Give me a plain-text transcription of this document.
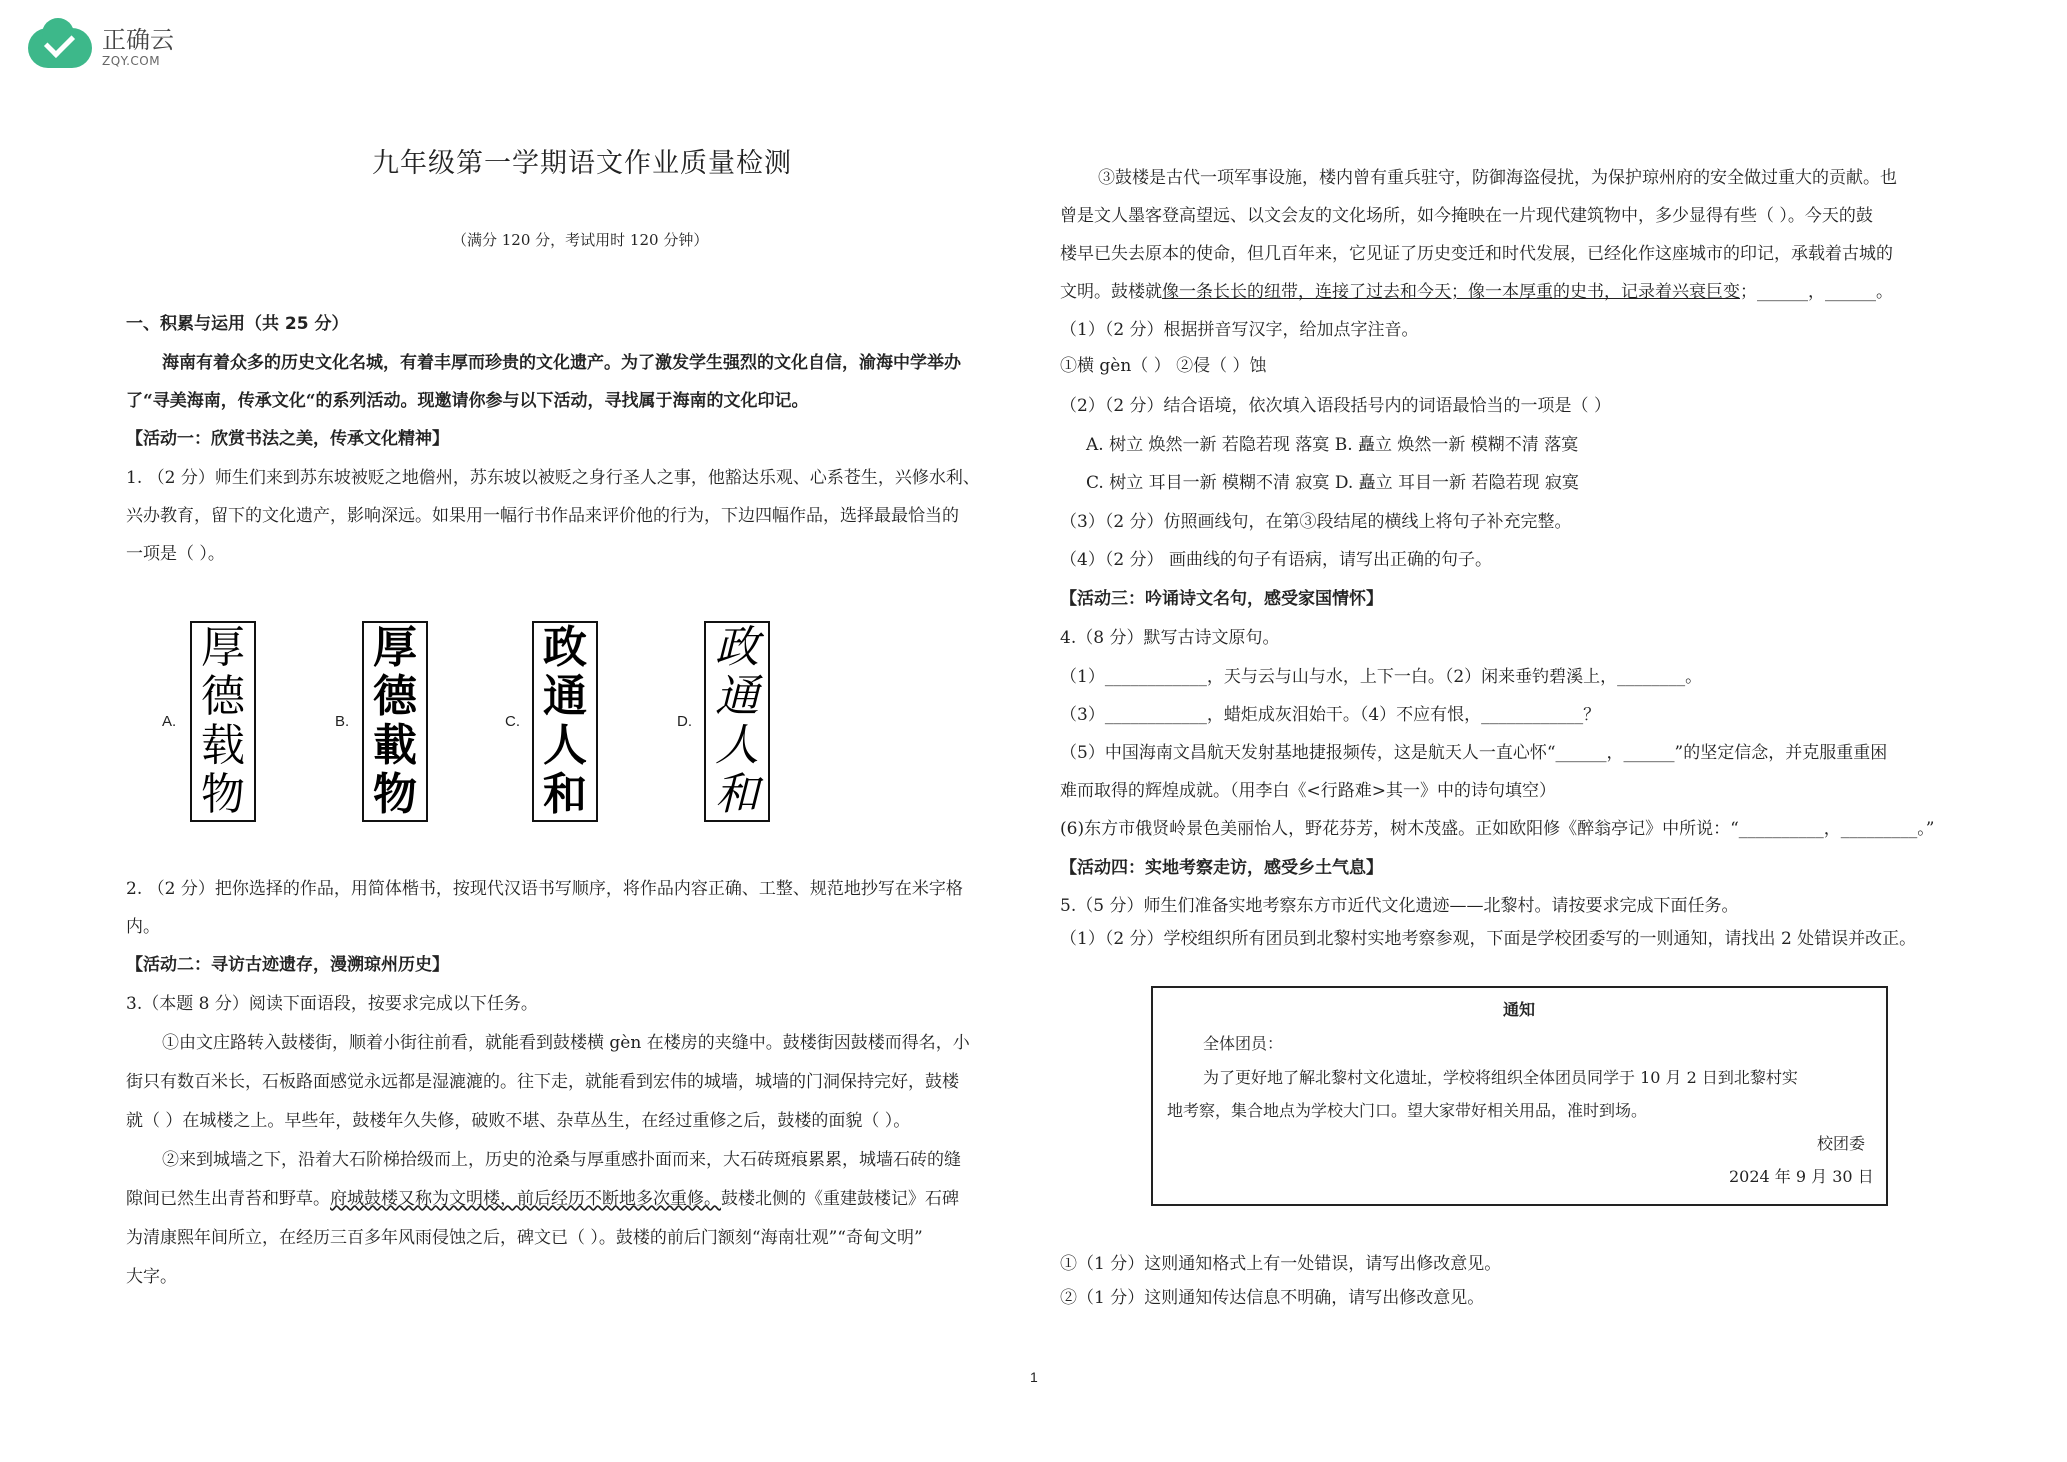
正确云
ZQY.COM
九年级第一学期语文作业质量检测
（满分 120 分，考试用时 120 分钟）
一、积累与运用（共 25 分）
海南有着众多的历史文化名城，有着丰厚而珍贵的文化遗产。为了激发学生强烈的文化自信，渝海中学举办
了“寻美海南，传承文化“的系列活动。现邀请你参与以下活动，寻找属于海南的文化印记。
【活动一：欣赏书法之美，传承文化精神】
1. （2 分）师生们来到苏东坡被贬之地儋州，苏东坡以被贬之身行圣人之事，他豁达乐观、心系苍生，兴修水利、
兴办教育，留下的文化遗产，影响深远。如果用一幅行书作品来评价他的行为，下边四幅作品，选择最最恰当的
一项是（ ）。
A.
厚
德
载
物
B.
厚
德
載
物
C.
政
通
人
和
D.
政
通
人
和
2. （2 分）把你选择的作品，用简体楷书，按现代汉语书写顺序，将作品内容正确、工整、规范地抄写在米字格
内。
【活动二：寻访古迹遗存，漫溯琼州历史】
3.（本题 8 分）阅读下面语段，按要求完成以下任务。
①由文庄路转入鼓楼街，顺着小街往前看，就能看到鼓楼横 gèn 在楼房的夹缝中。鼓楼街因鼓楼而得名，小
街只有数百米长，石板路面感觉永远都是湿漉漉的。往下走，就能看到宏伟的城墙，城墙的门洞保持完好，鼓楼
就（ ）在城楼之上。早些年，鼓楼年久失修，破败不堪、杂草丛生，在经过重修之后，鼓楼的面貌（ ）。
②来到城墙之下，沿着大石阶梯拾级而上，历史的沧桑与厚重感扑面而来，大石砖斑痕累累，城墙石砖的缝
隙间已然生出青苔和野草。府城鼓楼又称为文明楼，前后经历不断地多次重修。鼓楼北侧的《重建鼓楼记》石碑
为清康熙年间所立，在经历三百多年风雨侵蚀之后，碑文已（ ）。鼓楼的前后门额刻“海南壮观”“奇甸文明”
大字。
③鼓楼是古代一项军事设施，楼内曾有重兵驻守，防御海盗侵扰，为保护琼州府的安全做过重大的贡献。也
曾是文人墨客登高望远、以文会友的文化场所，如今掩映在一片现代建筑物中，多少显得有些（ ）。今天的鼓
楼早已失去原本的使命，但几百年来，它见证了历史变迁和时代发展，已经化作这座城市的印记，承载着古城的
文明。鼓楼就像一条长长的纽带，连接了过去和今天；像一本厚重的史书，记录着兴衰巨变；______，______。
（1）（2 分）根据拼音写汉字，给加点字注音。
①横 gèn（ ） ②侵（ ）蚀
（2）（2 分）结合语境，依次填入语段括号内的词语最恰当的一项是（ ）
A. 树立 焕然一新 若隐若现 落寞 B. 矗立 焕然一新 模糊不清 落寞
C. 树立 耳目一新 模糊不清 寂寞 D. 矗立 耳目一新 若隐若现 寂寞
（3）（2 分）仿照画线句，在第③段结尾的横线上将句子补充完整。
（4）（2 分） 画曲线的句子有语病，请写出正确的句子。
【活动三：吟诵诗文名句，感受家国情怀】
4.（8 分）默写古诗文原句。
（1）____________，天与云与山与水，上下一白。（2）闲来垂钓碧溪上，________。
（3）____________，蜡炬成灰泪始干。（4）不应有恨，____________？
（5）中国海南文昌航天发射基地捷报频传，这是航天人一直心怀“______，______”的坚定信念，并克服重重困
难而取得的辉煌成就。（用李白《<行路难>其一》中的诗句填空）
(6)东方市俄贤岭景色美丽怡人，野花芬芳，树木茂盛。正如欧阳修《醉翁亭记》中所说：“__________，_________。”
【活动四：实地考察走访，感受乡土气息】
5.（5 分）师生们准备实地考察东方市近代文化遗迹——北黎村。请按要求完成下面任务。
（1）（2 分）学校组织所有团员到北黎村实地考察参观，下面是学校团委写的一则通知，请找出 2 处错误并改正。
通知
全体团员：
为了更好地了解北黎村文化遗址，学校将组织全体团员同学于 10 月 2 日到北黎村实
地考察，集合地点为学校大门口。望大家带好相关用品，准时到场。
校团委
2024 年 9 月 30 日
①（1 分）这则通知格式上有一处错误，请写出修改意见。
②（1 分）这则通知传达信息不明确，请写出修改意见。
1
